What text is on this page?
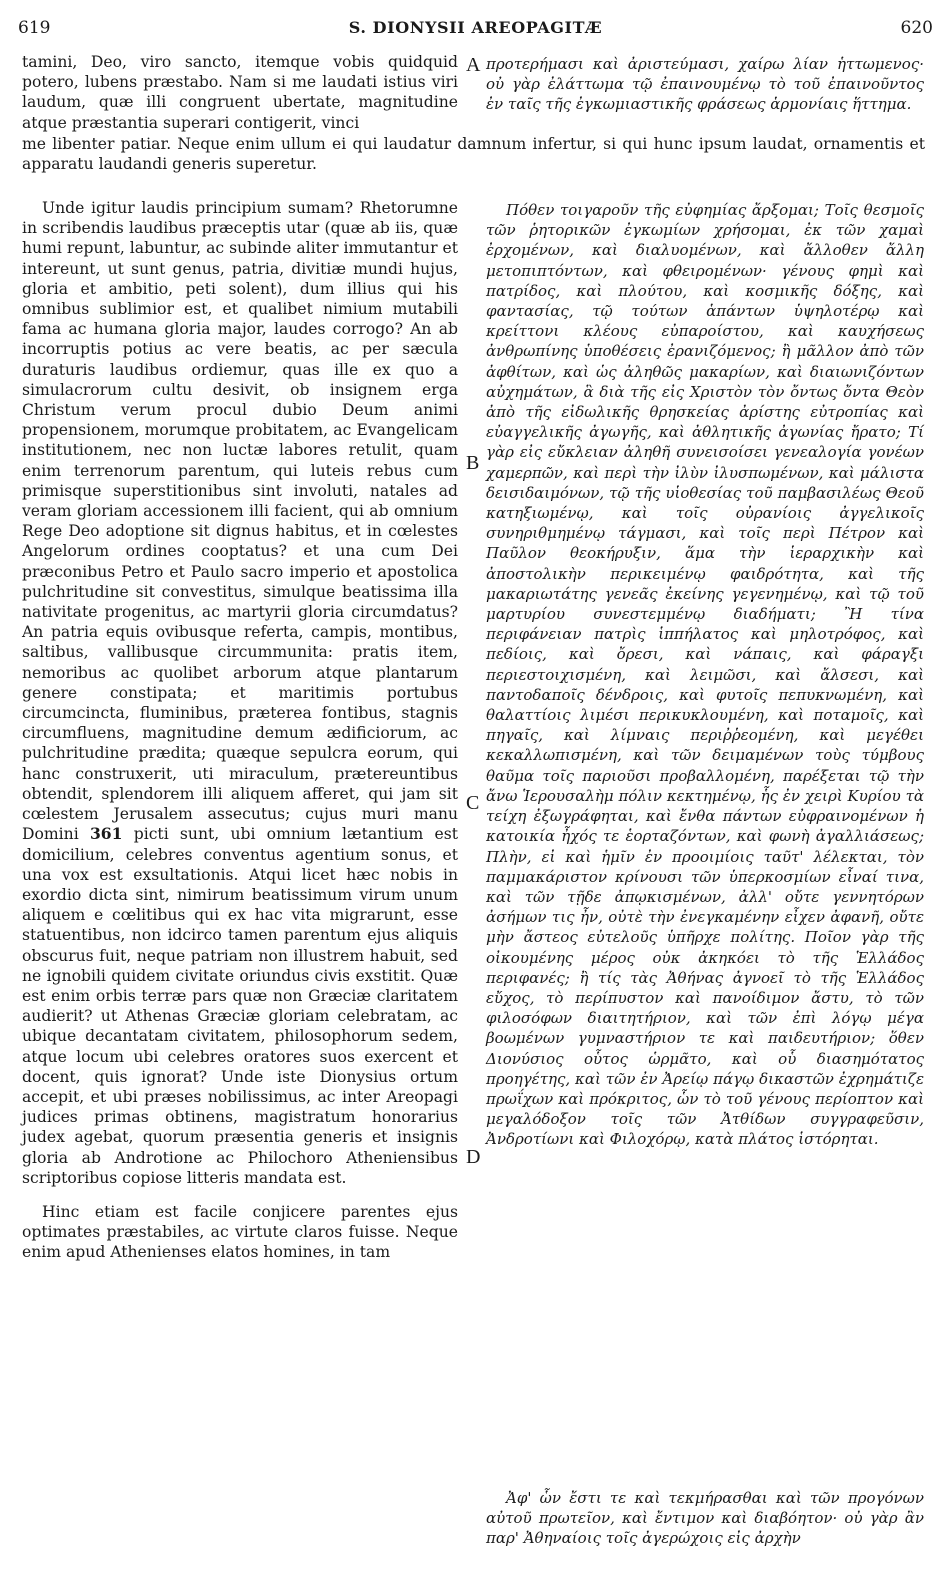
619	S. DIONYSII AREOPAGITÆ	620

tamini, Deo, viro sancto, itemque vobis quidquid potero, lubens præstabo. Nam si me laudati istius viri laudum, quæ illi congruent ubertate, magnitudine atque præstantia superari contigerit, vinci

A προτερήμασι καὶ ἀριστεύμασι, χαίρω λίαν ἡττωμενος· οὐ γὰρ ἐλάττωμα τῷ ἐπαινουμένῳ τὸ τοῦ ἐπαινοῦντος ἐν ταῖς τῆς ἐγκωμιαστικῆς φράσεως ἁρμονίαις ἥττημα.

me libenter patiar. Neque enim ullum ei qui laudatur damnum infertur, si qui hunc ipsum laudat, ornamentis et apparatu laudandi generis superetur.

Unde igitur laudis principium sumam? Rhetorumne in scribendis laudibus præceptis utar (quæ ab iis, quæ humi repunt, labuntur, ac subinde aliter immutantur et intereunt, ut sunt genus, patria, divitiæ mundi hujus, gloria et ambitio, peti solent), dum illius qui his omnibus sublimior est, et qualibet nimium mutabili fama ac humana gloria major, laudes corrogo? An ab incorruptis potius ac vere beatis, ac per sæcula duraturis laudibus ordiemur, quas ille ex quo a simulacrorum cultu desivit, ob insignem erga Christum verum procul dubio Deum animi propensionem, morumque probitatem, ac Evangelicam institutionem, nec non luctæ labores retulit, quam enim terrenorum parentum, qui luteis rebus cum primisque superstitionibus sint involuti, natales ad veram gloriam accessionem illi facient, qui ab omnium Rege Deo adoptione sit dignus habitus, et in cœlestes Angelorum ordines cooptatus? et una cum Dei præconibus Petro et Paulo sacro imperio et apostolica pulchritudine sit convestitus, simulque beatissima illa nativitate progenitus, ac martyrii gloria circumdatus? An patria equis ovibusque referta, campis, montibus, saltibus, vallibusque circummunita: pratis item, nemoribus ac quolibet arborum atque plantarum genere constipata; et maritimis portubus circumcincta, fluminibus, præterea fontibus, stagnis circumfluens, magnitudine demum ædificiorum, ac pulchritudine prædita; quæque sepulcra eorum, qui hanc construxerit, uti miraculum, prætereuntibus obtendit, splendorem illi aliquem afferet, qui jam sit cœlestem Jerusalem assecutus; cujus muri manu Domini 361 picti sunt, ubi omnium lætantium est domicilium, celebres conventus agentium sonus, et una vox est exsultationis. Atqui licet hæc nobis in exordio dicta sint, nimirum beatissimum virum unum aliquem e cœlitibus qui ex hac vita migrarunt, esse statuentibus, non idcirco tamen parentum ejus aliquis obscurus fuit, neque patriam non illustrem habuit, sed ne ignobili quidem civitate oriundus civis exstitit. Quæ est enim orbis terræ pars quæ non Græciæ claritatem audierit? ut Athenas Græciæ gloriam celebratam, ac ubique decantatam civitatem, philosophorum sedem, atque locum ubi celebres oratores suos exercent et docent, quis ignorat? Unde iste Dionysius ortum accepit, et ubi præses nobilissimus, ac inter Areopagi judices primas obtinens, magistratum honorarius judex agebat, quorum præsentia generis et insignis gloria ab Androtione ac Philochoro Atheniensibus scriptoribus copiose litteris mandata est.

Hinc etiam est facile conjicere parentes ejus optimates præstabiles, ac virtute claros fuisse. Neque enim apud Athenienses elatos homines, in tam

B
C
D

Πόθεν τοιγαροῦν τῆς εὐφημίας ἄρξομαι; Τοῖς θεσμοῖς τῶν ῥητορικῶν ἐγκωμίων χρήσομαι, ἐκ τῶν χαμαὶ ἐρχομένων, καὶ διαλυομένων, καὶ ἄλλοθεν ἄλλη μετοπιπτόντων, καὶ φθειρομένων· γένους φημὶ καὶ πατρίδος, καὶ πλούτου, καὶ κοσμικῆς δόξης, καὶ φαντασίας, τῷ τούτων ἁπάντων ὑψηλοτέρῳ καὶ κρείττονι κλέους εὐπαροίστου, καὶ καυχήσεως ἀνθρωπίνης ὑποθέσεις ἐρανιζόμενος; ἢ μᾶλλον ἀπὸ τῶν ἀφθίτων, καὶ ὡς ἀληθῶς μακαρίων, καὶ διαιωνιζόντων αὐχημάτων, ἃ διὰ τῆς εἰς Χριστὸν τὸν ὄντως ὄντα Θεὸν ἀπὸ τῆς εἰδωλικῆς θρησκείας ἀρίστης εὐτροπίας καὶ εὐαγγελικῆς ἀγωγῆς, καὶ ἀθλητικῆς ἀγωνίας ἤρατο; Τί γὰρ εἰς εὔκλειαν ἀληθῆ συνεισοίσει γενεαλογία γονέων χαμερπῶν, καὶ περὶ τὴν ἰλὺν ἰλυσπωμένων, καὶ μάλιστα δεισιδαιμόνων, τῷ τῆς υἱοθεσίας τοῦ παμβασιλέως Θεοῦ κατηξιωμένῳ, καὶ τοῖς οὐρανίοις ἀγγελικοῖς συνηριθμημένῳ τάγμασι, καὶ τοῖς περὶ Πέτρον καὶ Παῦλον θεοκήρυξιν, ἅμα τὴν ἱεραρχικὴν καὶ ἀποστολικὴν περικειμένῳ φαιδρότητα, καὶ τῆς μακαριωτάτης γενεᾶς ἐκείνης γεγενημένῳ, καὶ τῷ τοῦ μαρτυρίου συνεστεμμένῳ διαδήματι; Ἢ τίνα περιφάνειαν πατρὶς ἱππήλατος καὶ μηλοτρόφος, καὶ πεδίοις, καὶ ὄρεσι, καὶ νάπαις, καὶ φάραγξι περιεστοιχισμένη, καὶ λειμῶσι, καὶ ἄλσεσι, καὶ παντοδαποῖς δένδροις, καὶ φυτοῖς πεπυκνωμένη, καὶ θαλαττίοις λιμέσι περικυκλουμένη, καὶ ποταμοῖς, καὶ πηγαῖς, καὶ λίμναις περιῤῥεομένη, καὶ μεγέθει κεκαλλωπισμένη, καὶ τῶν δειμαμένων τοὺς τύμβους θαῦμα τοῖς παριοῦσι προβαλλομένη, παρέξεται τῷ τὴν ἄνω Ἱερουσαλὴμ πόλιν κεκτημένῳ, ἧς ἐν χειρὶ Κυρίου τὰ τείχη ἐξωγράφηται, καὶ ἔνθα πάντων εὐφραινομένων ἡ κατοικία ἦχός τε ἑορταζόντων, καὶ φωνὴ ἀγαλλιάσεως; Πλὴν, εἰ καὶ ἡμῖν ἐν προοιμίοις ταῦτ' λέλεκται, τὸν παμμακάριστον κρίνουσι τῶν ὑπερκοσμίων εἶναί τινα, καὶ τῶν τῇδε ἀπῳκισμένων, ἀλλ' οὔτε γεννητόρων ἀσήμων τις ἦν, οὐτὲ τὴν ἐνεγκαμένην εἶχεν ἀφανῆ, οὔτε μὴν ἄστεος εὐτελοῦς ὑπῆρχε πολίτης. Ποῖον γὰρ τῆς οἰκουμένης μέρος οὐκ ἀκηκόει τὸ τῆς Ἑλλάδος περιφανές; ἢ τίς τὰς Ἀθήνας ἀγνοεῖ τὸ τῆς Ἑλλάδος εὔχος, τὸ περίπυστον καὶ πανοίδιμον ἄστυ, τὸ τῶν φιλοσόφων διαιτητήριον, καὶ τῶν ἐπὶ λόγῳ μέγα βοωμένων γυμναστήριον τε καὶ παιδευτήριον; ὅθεν Διονύσιος οὗτος ὡρμᾶτο, καὶ οὗ διασημότατος προηγέτης, καὶ τῶν ἐν Ἀρείῳ πάγῳ δικαστῶν ἐχρημάτιζε πρωΐχων καὶ πρόκριτος, ὧν τὸ τοῦ γένους περίοπτον καὶ μεγαλόδοξον τοῖς τῶν Ἀτθίδων συγγραφεῦσιν, Ἀνδροτίωνι καὶ Φιλοχόρῳ, κατὰ πλάτος ἱστόρηται.

Ἀφ' ὧν ἔστι τε καὶ τεκμήρασθαι καὶ τῶν προγόνων αὐτοῦ πρωτεῖον, καὶ ἔντιμον καὶ διαβόητον· οὐ γὰρ ἂν παρ' Ἀθηναίοις τοῖς ἀγερώχοις εἰς ἀρχὴν
